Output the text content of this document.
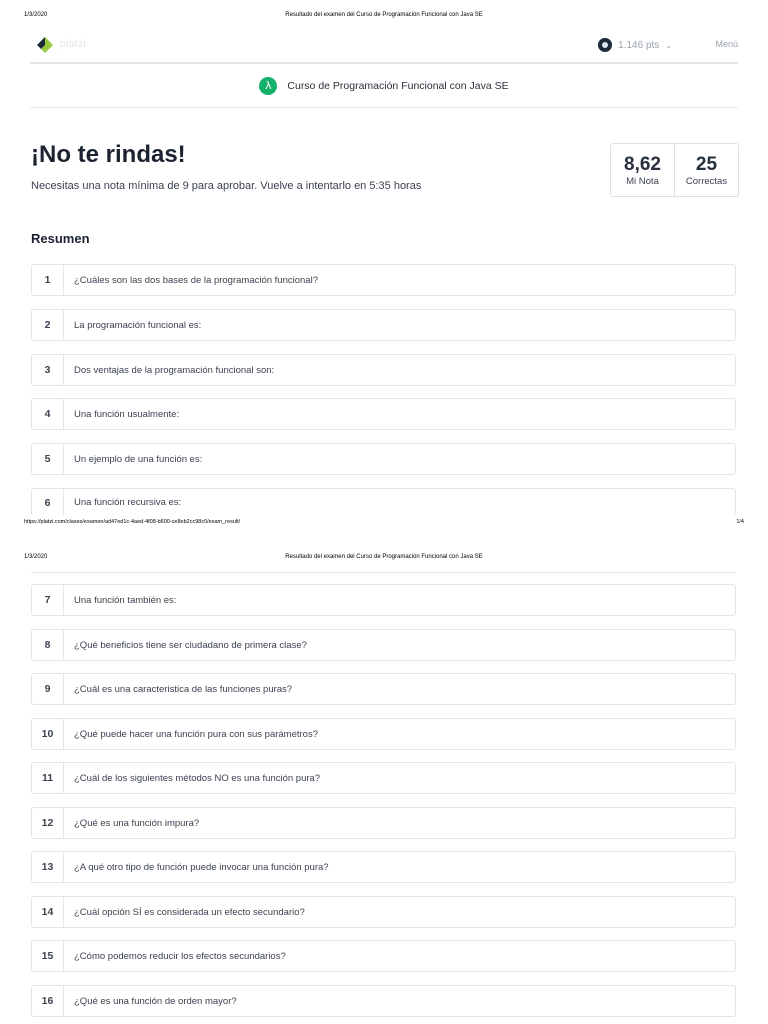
1/3/2020	Resultado del examen del Curso de Programación Funcional con Java SE
platzi	1.146 pts ⌄	Menú
λ	Curso de Programación Funcional con Java SE
¡No te rindas!
Necesitas una nota mínima de 9 para aprobar. Vuelve a intentarlo en 5:35 horas
8,62
Mi Nota
25
Correctas
Resumen
https://platzi.com/clases/examen/ad47ed1c-4aed-4f08-b600-ce8eb2cc98c0/exam_result/	1/4
1/3/2020	Resultado del examen del Curso de Programación Funcional con Java SE
1	¿Cuáles son las dos bases de la programación funcional?
2	La programación funcional es:
3	Dos ventajas de la programación funcional son:
4	Una función usualmente:
5	Un ejemplo de una función es:
6	Una función recursiva es:
7	Una función también es:
8	¿Qué beneficios tiene ser ciudadano de primera clase?
9	¿Cuál es una caracteristica de las funciones puras?
10	¿Qué puede hacer una función pura con sus parámetros?
11	¿Cuál de los siguientes métodos NO es una función pura?
12	¿Qué es una función impura?
13	¿A qué otro tipo de función puede invocar una función pura?
14	¿Cuál opción SÍ es considerada un efecto secundario?
15	¿Cómo podemos reducir los efectos secundarios?
16	¿Qué es una función de orden mayor?
